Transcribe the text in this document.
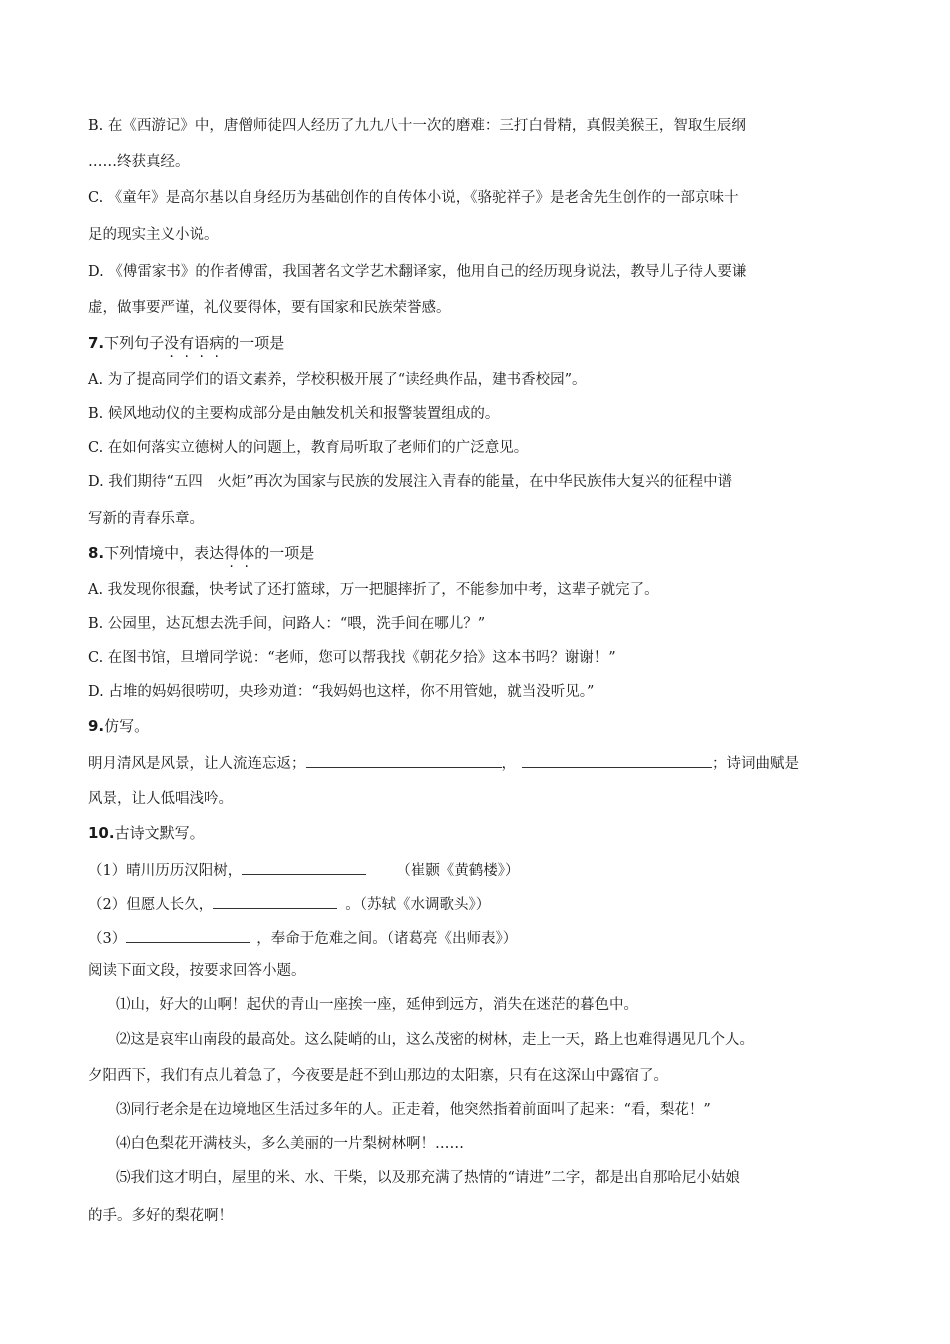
B. 在《西游记》中，唐僧师徒四人经历了九九八十一次的磨难：三打白骨精，真假美猴王，智取生辰纲
……终获真经。
C. 《童年》是高尔基以自身经历为基础创作的自传体小说，《骆驼祥子》是老舍先生创作的一部京味十
足的现实主义小说。
D. 《傅雷家书》的作者傅雷，我国著名文学艺术翻译家，他用自己的经历现身说法，教导儿子待人要谦
虚，做事要严谨，礼仪要得体，要有国家和民族荣誉感。
7.下列句子没有语病的一项是
A. 为了提高同学们的语文素养，学校积极开展了“读经典作品，建书香校园”。
B. 候风地动仪的主要构成部分是由触发机关和报警装置组成的。
C. 在如何落实立德树人的问题上，教育局听取了老师们的广泛意见。
D. 我们期待“五四　火炬”再次为国家与民族的发展注入青春的能量，在中华民族伟大复兴的征程中谱
写新的青春乐章。
8.下列情境中，表达得体的一项是
A. 我发现你很蠢，快考试了还打篮球，万一把腿摔折了，不能参加中考，这辈子就完了。
B. 公园里，达瓦想去洗手间，问路人：“喂，洗手间在哪儿？”
C. 在图书馆，旦增同学说：“老师，您可以帮我找《朝花夕拾》这本书吗？谢谢！”
D. 占堆的妈妈很唠叨，央珍劝道：“我妈妈也这样，你不用管她，就当没听见。”
9.仿写。
明月清风是风景，让人流连忘返；	，	；诗词曲赋是
风景，让人低唱浅吟。
10.古诗文默写。
（1）晴川历历汉阳树，	（崔颢《黄鹤楼》）
（2）但愿人长久，	。（苏轼《水调歌头》）
（3）	，奉命于危难之间。（诸葛亮《出师表》）
阅读下面文段，按要求回答小题。
⑴山，好大的山啊！起伏的青山一座挨一座，延伸到远方，消失在迷茫的暮色中。
⑵这是哀牢山南段的最高处。这么陡峭的山，这么茂密的树林，走上一天，路上也难得遇见几个人。
夕阳西下，我们有点儿着急了，今夜要是赶不到山那边的太阳寨，只有在这深山中露宿了。
⑶同行老余是在边境地区生活过多年的人。正走着，他突然指着前面叫了起来：“看，梨花！”
⑷白色梨花开满枝头，多么美丽的一片梨树林啊！……
⑸我们这才明白，屋里的米、水、干柴，以及那充满了热情的“请进”二字，都是出自那哈尼小姑娘
的手。多好的梨花啊！
